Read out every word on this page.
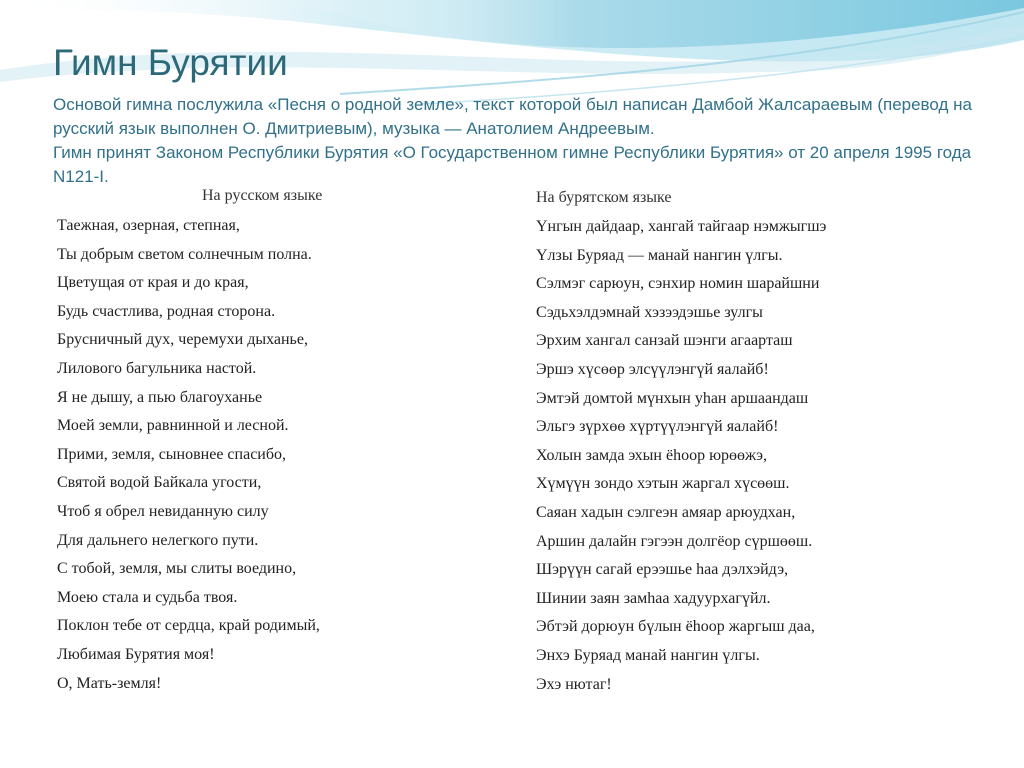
Гимн Бурятии

Основой гимна послужила «Песня о родной земле», текст которой был написан Дамбой Жалсараевым (перевод на русский язык выполнен О. Дмитриевым), музыка — Анатолием Андреевым.

Гимн принят Законом Республики Бурятия «О Государственном гимне Республики Бурятия» от 20 апреля 1995 года N121-I.

На русском языке
Таежная, озерная, степная,
Ты добрым светом солнечным полна.
Цветущая от края и до края,
Будь счастлива, родная сторона.
Брусничный дух, черемухи дыханье,
Лилового багульника настой.
Я не дышу, а пью благоуханье
Моей земли, равнинной и лесной.
Прими, земля, сыновнее спасибо,
Святой водой Байкала угости,
Чтоб я обрел невиданную силу
Для дальнего нелегкого пути.
С тобой, земля, мы слиты воедино,
Моею стала и судьба твоя.
Поклон тебе от сердца, край родимый,
Любимая Бурятия моя!
О, Мать-земля!
На бурятском языке
Үнгын дайдаар, хангай тайгаар нэмжыгшэ
Үлзы Буряад — манай нангин үлгы.
Сэлмэг сарюун, сэнхир номин шарайшни
Сэдьхэлдэмнай хэзээдэшье зулгы
Эрхим хангал санзай шэнги агаарташ
Эршэ хүсөөр элсүүлэнгүй яалайб!
Эмтэй домтой мүнхын уһан аршаандаш
Эльгэ зүрхөө хүртүүлэнгүй яалайб!
Холын замда эхын ёһоор юрөөжэ,
Хүмүүн зондо хэтын жаргал хүсөөш.
Саяан хадын сэлгеэн амяар арюудхан,
Аршин далайн гэгээн долгёор сүршөөш.
Шэрүүн сагай ерээшье һаа дэлхэйдэ,
Шинии заян замһаа хадуурхагүйл.
Эбтэй дорюун бүлын ёһоор жаргыш даа,
Энхэ Буряад манай нангин үлгы.
Эхэ нютаг!
